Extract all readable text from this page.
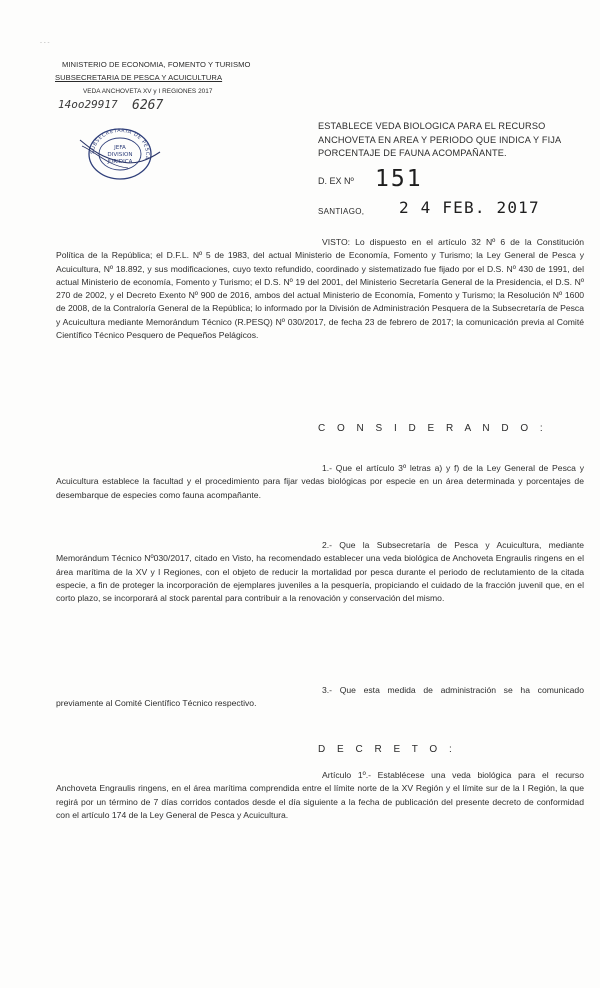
- - -
MINISTERIO DE ECONOMIA, FOMENTO Y TURISMO
SUBSECRETARIA DE PESCA Y ACUICULTURA
VEDA ANCHOVETA XV y I REGIONES 2017
14oo29917 6267
SUBSECRETARIA DE PESCA
JEFA
DIVISION
JURIDICA
ESTABLECE VEDA BIOLOGICA PARA EL RECURSO ANCHOVETA EN AREA Y PERIODO QUE INDICA Y FIJA PORCENTAJE DE FAUNA ACOMPAÑANTE.
D. EX Nº 151
SANTIAGO, 2 4 FEB. 2017
VISTO: Lo dispuesto en el artículo 32 Nº 6 de la Constitución Política de la República; el D.F.L. Nº 5 de 1983, del actual Ministerio de Economía, Fomento y Turismo; la Ley General de Pesca y Acuicultura, Nº 18.892, y sus modificaciones, cuyo texto refundido, coordinado y sistematizado fue fijado por el D.S. Nº 430 de 1991, del actual Ministerio de economía, Fomento y Turismo; el D.S. Nº 19 del 2001, del Ministerio Secretaría General de la Presidencia, el D.S. Nº 270 de 2002, y el Decreto Exento Nº 900 de 2016, ambos del actual Ministerio de Economía, Fomento y Turismo; la Resolución Nº 1600 de 2008, de la Contraloría General de la República; lo informado por la División de Administración Pesquera de la Subsecretaría de Pesca y Acuicultura mediante Memorándum Técnico (R.PESQ) Nº 030/2017, de fecha 23 de febrero de 2017; la comunicación previa al Comité Científico Técnico Pesquero de Pequeños Pelágicos.
C O N S I D E R A N D O :
1.- Que el artículo 3º letras a) y f) de la Ley General de Pesca y Acuicultura establece la facultad y el procedimiento para fijar vedas biológicas por especie en un área determinada y porcentajes de desembarque de especies como fauna acompañante.
2.- Que la Subsecretaría de Pesca y Acuicultura, mediante Memorándum Técnico Nº030/2017, citado en Visto, ha recomendado establecer una veda biológica de Anchoveta Engraulis ringens en el área marítima de la XV y I Regiones, con el objeto de reducir la mortalidad por pesca durante el periodo de reclutamiento de la citada especie, a fin de proteger la incorporación de ejemplares juveniles a la pesquería, propiciando el cuidado de la fracción juvenil que, en el corto plazo, se incorporará al stock parental para contribuir a la renovación y conservación del mismo.
3.- Que esta medida de administración se ha comunicado previamente al Comité Científico Técnico respectivo.
D E C R E T O :
Artículo 1º.- Establécese una veda biológica para el recurso Anchoveta Engraulis ringens, en el área marítima comprendida entre el límite norte de la XV Región y el límite sur de la I Región, la que regirá por un término de 7 días corridos contados desde el día siguiente a la fecha de publicación del presente decreto de conformidad con el artículo 174 de la Ley General de Pesca y Acuicultura.
